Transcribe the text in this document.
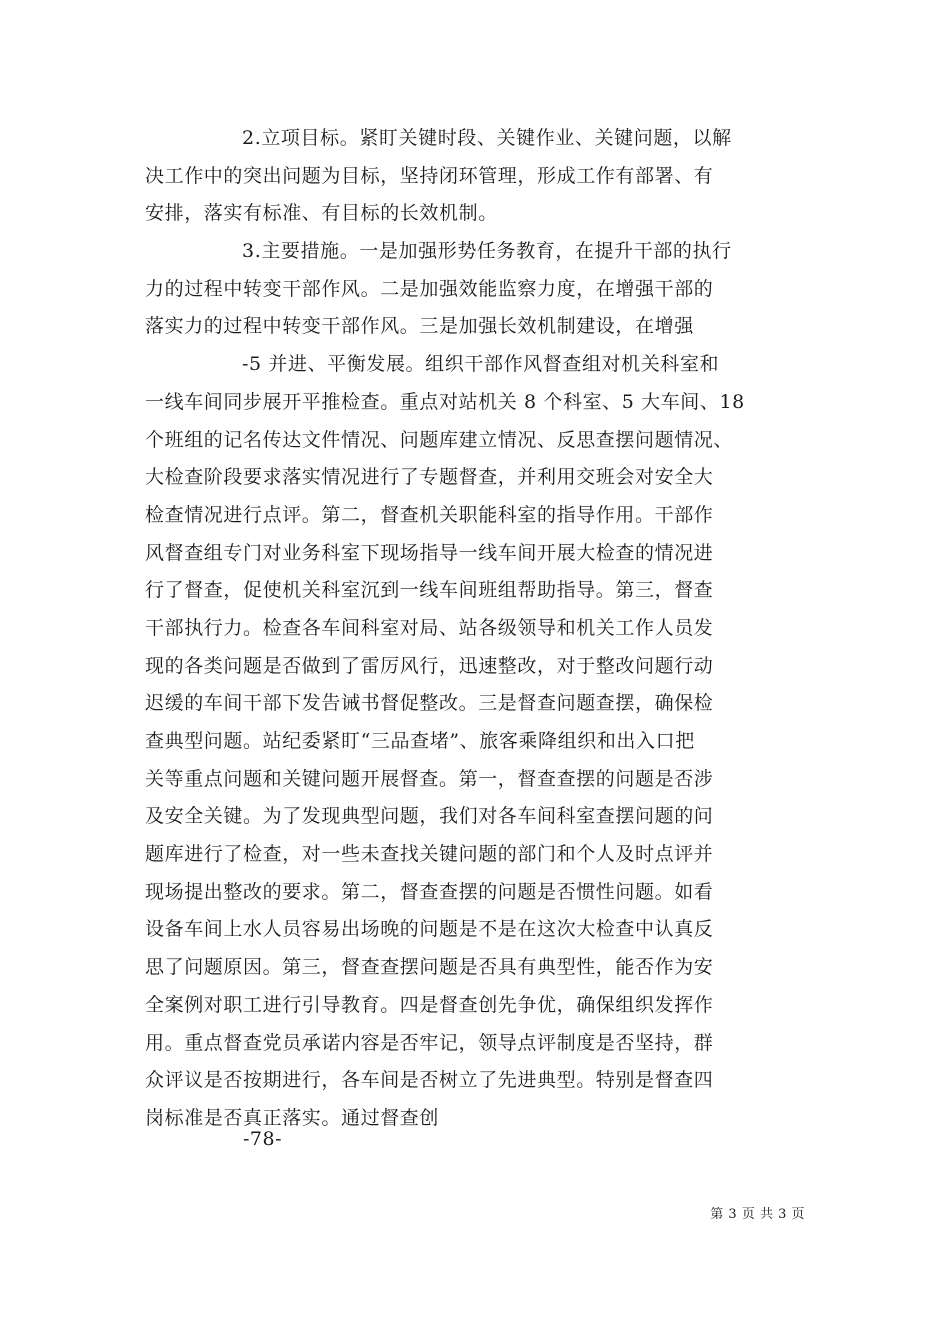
2.立项目标。紧盯关键时段、关键作业、关键问题，以解
决工作中的突出问题为目标，坚持闭环管理，形成工作有部署、有
安排，落实有标准、有目标的长效机制。
3.主要措施。一是加强形势任务教育，在提升干部的执行
力的过程中转变干部作风。二是加强效能监察力度，在增强干部的
落实力的过程中转变干部作风。三是加强长效机制建设，在增强
-5 并进、平衡发展。组织干部作风督查组对机关科室和
一线车间同步展开平推检查。重点对站机关 8 个科室、5 大车间、18
个班组的记名传达文件情况、问题库建立情况、反思查摆问题情况、
大检查阶段要求落实情况进行了专题督查，并利用交班会对安全大
检查情况进行点评。第二，督查机关职能科室的指导作用。干部作
风督查组专门对业务科室下现场指导一线车间开展大检查的情况进
行了督查，促使机关科室沉到一线车间班组帮助指导。第三，督查
干部执行力。检查各车间科室对局、站各级领导和机关工作人员发
现的各类问题是否做到了雷厉风行，迅速整改，对于整改问题行动
迟缓的车间干部下发告诫书督促整改。三是督查问题查摆，确保检
查典型问题。站纪委紧盯“三品查堵”、旅客乘降组织和出入口把
关等重点问题和关键问题开展督查。第一，督查查摆的问题是否涉
及安全关键。为了发现典型问题，我们对各车间科室查摆问题的问
题库进行了检查，对一些未查找关键问题的部门和个人及时点评并
现场提出整改的要求。第二，督查查摆的问题是否惯性问题。如看
设备车间上水人员容易出场晚的问题是不是在这次大检查中认真反
思了问题原因。第三，督查查摆问题是否具有典型性，能否作为安
全案例对职工进行引导教育。四是督查创先争优，确保组织发挥作
用。重点督查党员承诺内容是否牢记，领导点评制度是否坚持，群
众评议是否按期进行，各车间是否树立了先进典型。特别是督查四
岗标准是否真正落实。通过督查创
-78-
第 3 页 共 3 页
